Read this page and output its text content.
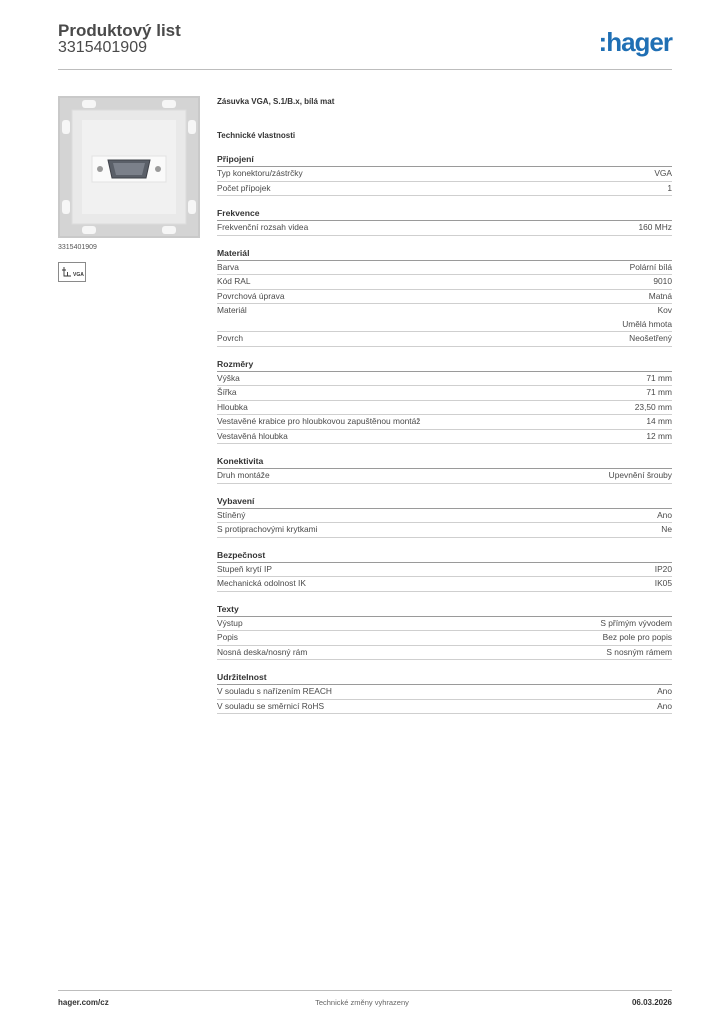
Produktový list
3315401909	:hager
3315401909
VGA
Zásuvka VGA, S.1/B.x, bílá mat
Technické vlastnosti
Připojení
Typ konektoru/zástrčky	VGA
Počet přípojek	1
Frekvence
Frekvenční rozsah videa	160 MHz
Materiál
Barva	Polární bílá
Kód RAL	9010
Povrchová úprava	Matná
Materiál	Kov
Umělá hmota
Povrch	Neošetřený
Rozměry
Výška	71 mm
Šířka	71 mm
Hloubka	23,50 mm
Vestavěné krabice pro hloubkovou zapuštěnou montáž	14 mm
Vestavěná hloubka	12 mm
Konektivita
Druh montáže	Upevnění šrouby
Vybavení
Stíněný	Ano
S protiprachovými krytkami	Ne
Bezpečnost
Stupeň krytí IP	IP20
Mechanická odolnost IK	IK05
Texty
Výstup	S přímým vývodem
Popis	Bez pole pro popis
Nosná deska/nosný rám	S nosným rámem
Udržitelnost
V souladu s nařízením REACH	Ano
V souladu se směrnicí RoHS	Ano
hager.com/cz	Technické změny vyhrazeny	06.03.2026
